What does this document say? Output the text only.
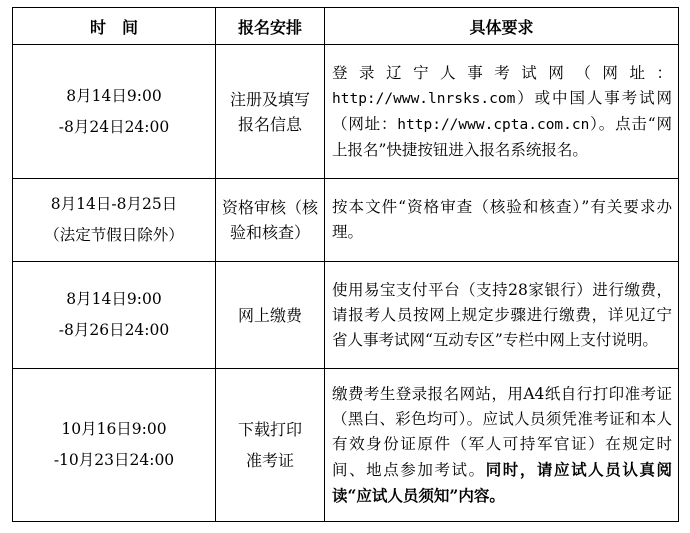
时　间	报名安排	具体要求

8月14日9:00
-8月24日24:00	注册及填写报名信息	登录辽宁人事考试网（网址：http://www.lnrsks.com）或中国人事考试网（网址：http://www.cpta.com.cn）。点击“网上报名”快捷按钮进入报名系统报名。

8月14日-8月25日
（法定节假日除外）	资格审核（核验和核查）	按本文件“资格审查（核验和核查）”有关要求办理。

8月14日9:00
-8月26日24:00	网上缴费	使用易宝支付平台（支持28家银行）进行缴费，请报考人员按网上规定步骤进行缴费，详见辽宁省人事考试网“互动专区”专栏中网上支付说明。

10月16日9:00
-10月23日24:00	下载打印准考证	缴费考生登录报名网站，用A4纸自行打印准考证（黑白、彩色均可）。应试人员须凭准考证和本人有效身份证原件（军人可持军官证）在规定时间、地点参加考试。同时，请应试人员认真阅读“应试人员须知”内容。
